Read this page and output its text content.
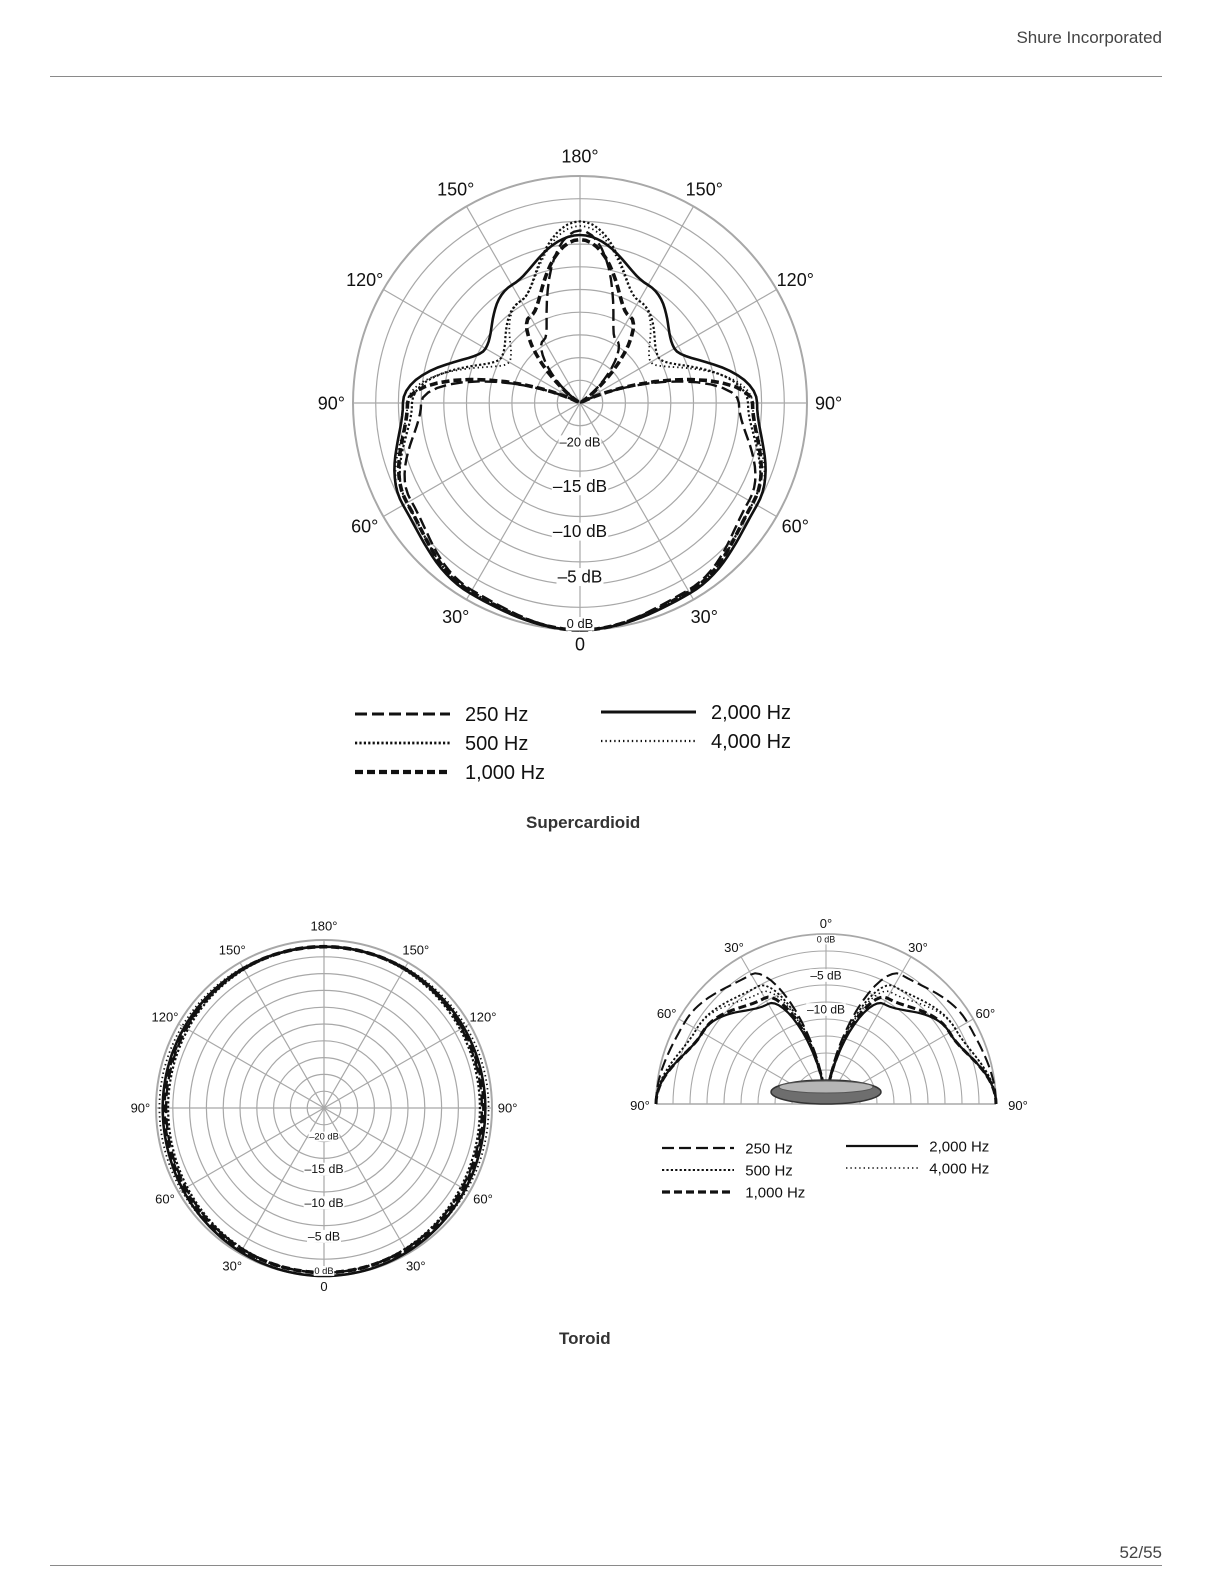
Shure Incorporated
180°
150°
150°
120°
120°
90°
90°
60°
60°
30°
30°
0
–20 dB
–15 dB
–10 dB
–5 dB
0 dB
180°
150°
150°
120°
120°
90°
90°
60°
60°
30°
30°
0
–20 dB
–15 dB
–10 dB
–5 dB
0 dB
0°
30°	30°
60°	60°
90°	90°
0 dB
–5 dB
–10 dB
250 Hz
500 Hz
1,000 Hz
2,000 Hz
4,000 Hz
250 Hz
500 Hz
1,000 Hz
2,000 Hz
4,000 Hz
Supercardioid
Toroid
52/55
